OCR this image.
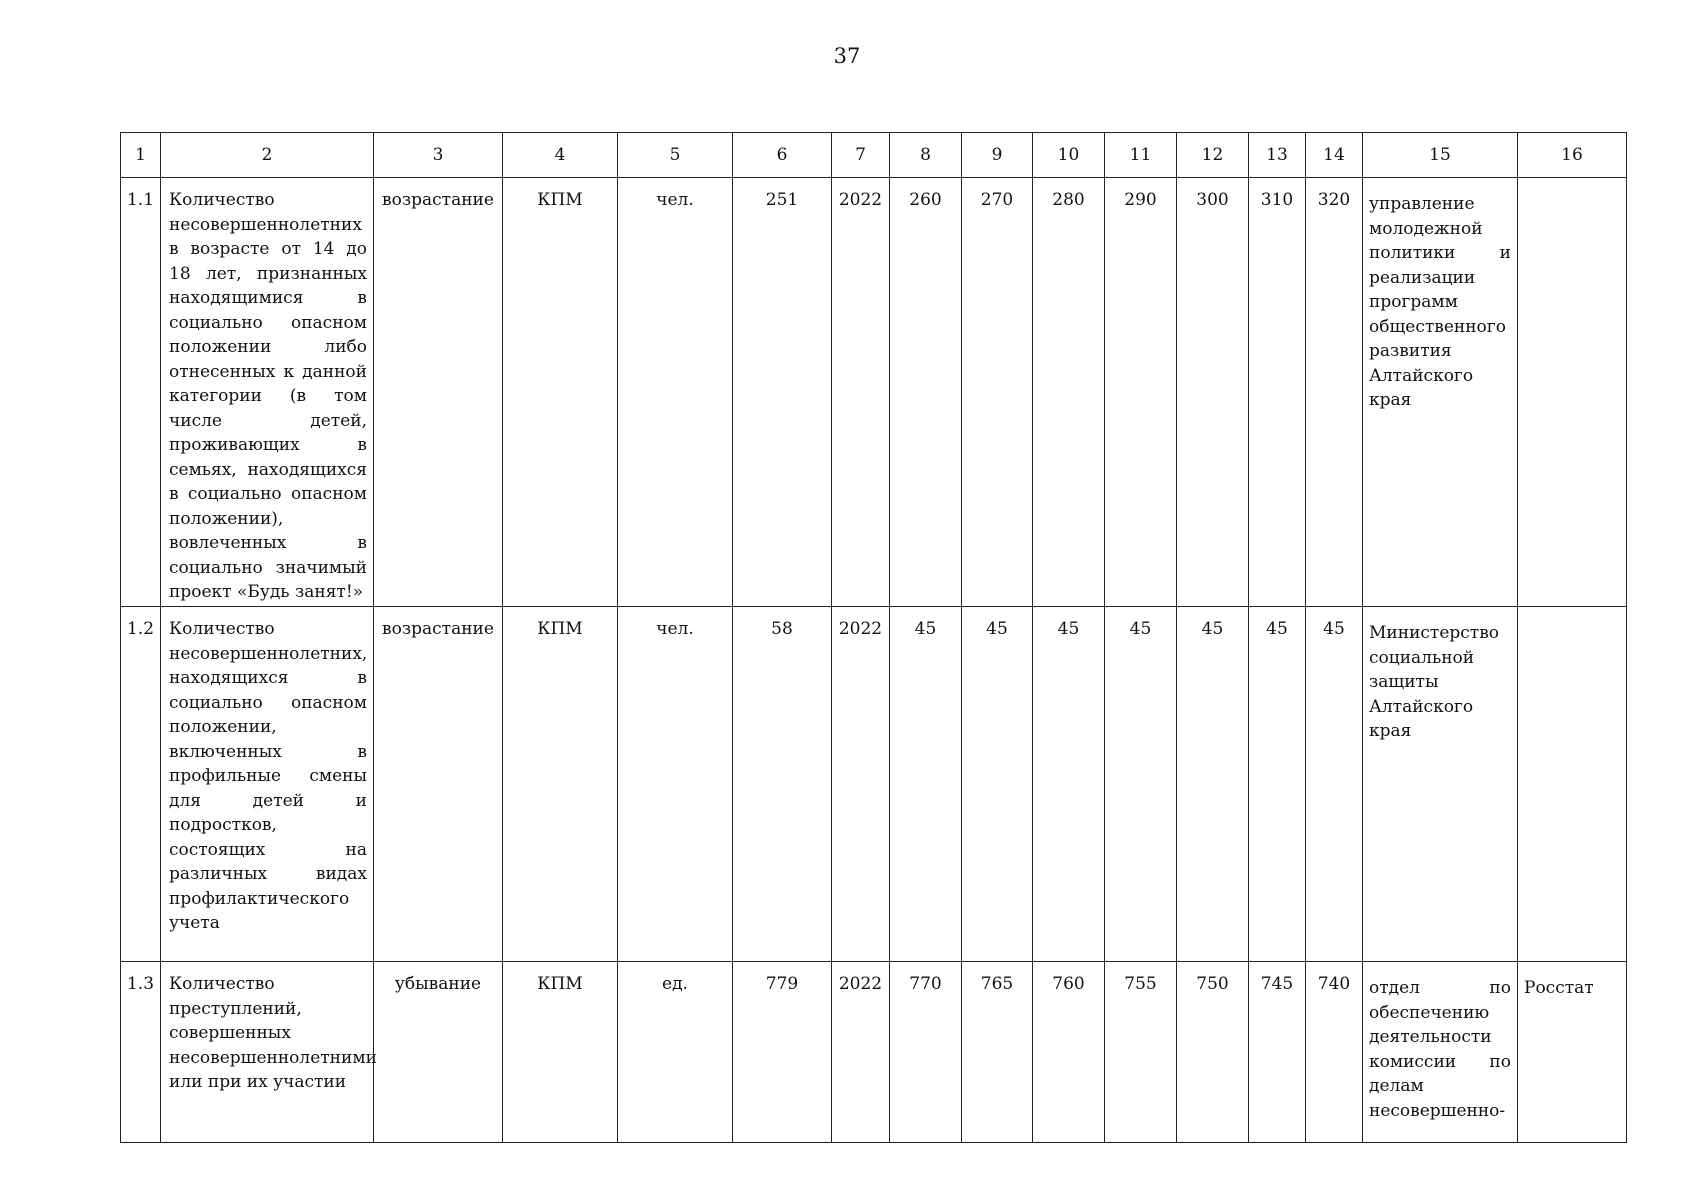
37
1	2	3	4	5	6	7	8	9	10	11	12	13	14	15	16
1.1	Количество несовершеннолетних в возрасте от 14 до 18 лет, признанных находящимися в социально опасном положении либо отнесенных к данной категории (в том числе детей, проживающих в семьях, находящихся в социально опасном положении), вовлеченных в социально значимый проект «Будь занят!»	возрастание	КПМ	чел.	251	2022	260	270	280	290	300	310	320	управление молодежной политики и реализации программ общественного развития Алтайского края	
1.2	Количество несовершеннолетних, находящихся в социально опасном положении, включенных в профильные смены для детей и подростков, состоящих на различных видах профилактического учета	возрастание	КПМ	чел.	58	2022	45	45	45	45	45	45	45	Министерство социальной защиты Алтайского края	
1.3	Количество преступлений, совершенных несовершеннолетними или при их участии	убывание	КПМ	ед.	779	2022	770	765	760	755	750	745	740	отдел по обеспечению деятельности комиссии по делам несовершенно-	Росстат
